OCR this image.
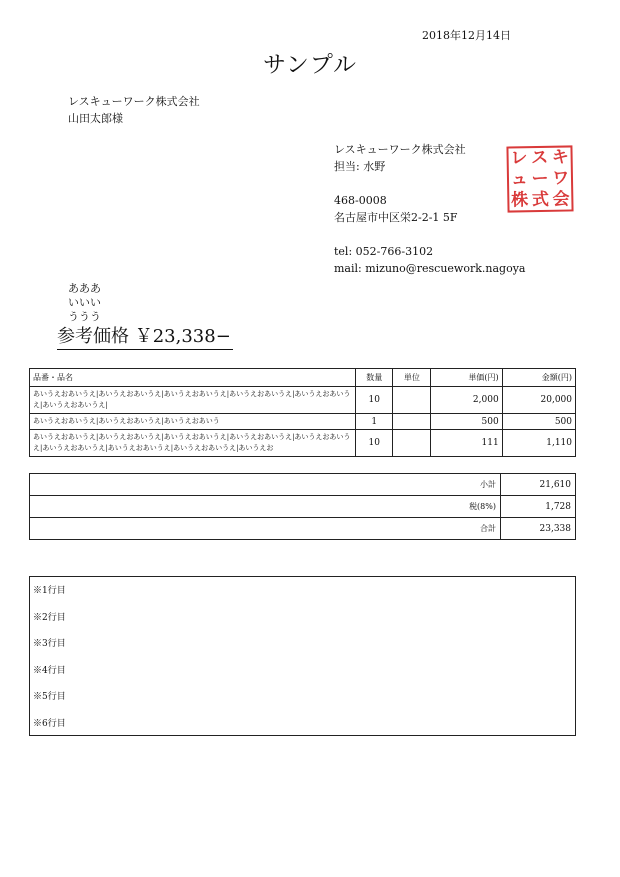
2018年12月14日
サンプル
レスキューワーク株式会社
山田太郎様
レスキューワーク株式会社
担当: 水野
468-0008
名古屋市中区栄2-2-1 5F
tel: 052-766-3102
mail: mizuno@rescuework.nagoya
レ ス キ
ュ ー ワ
株 式 会
あああ
いいい
ううう
参考価格 ￥23,338−
品番・品名	数量	単位	単価(円)	金額(円)
あいうえおあいうえ|あいうえおあいうえ|あいうえおあいうえ|あいうえおあいうえ|あいうえおあいうえ|あいうえおあいうえ|	10		2,000	20,000
あいうえおあいうえ|あいうえおあいうえ|あいうえおあいう	1		500	500
あいうえおあいうえ|あいうえおあいうえ|あいうえおあいうえ|あいうえおあいうえ|あいうえおあいうえ|あいうえおあいうえ|あいうえおあいうえ|あいうえおあいうえ|あいうえお	10		111	1,110
小計	21,610
税(8%)	1,728
合計	23,338
※1行目
※2行目
※3行目
※4行目
※5行目
※6行目
